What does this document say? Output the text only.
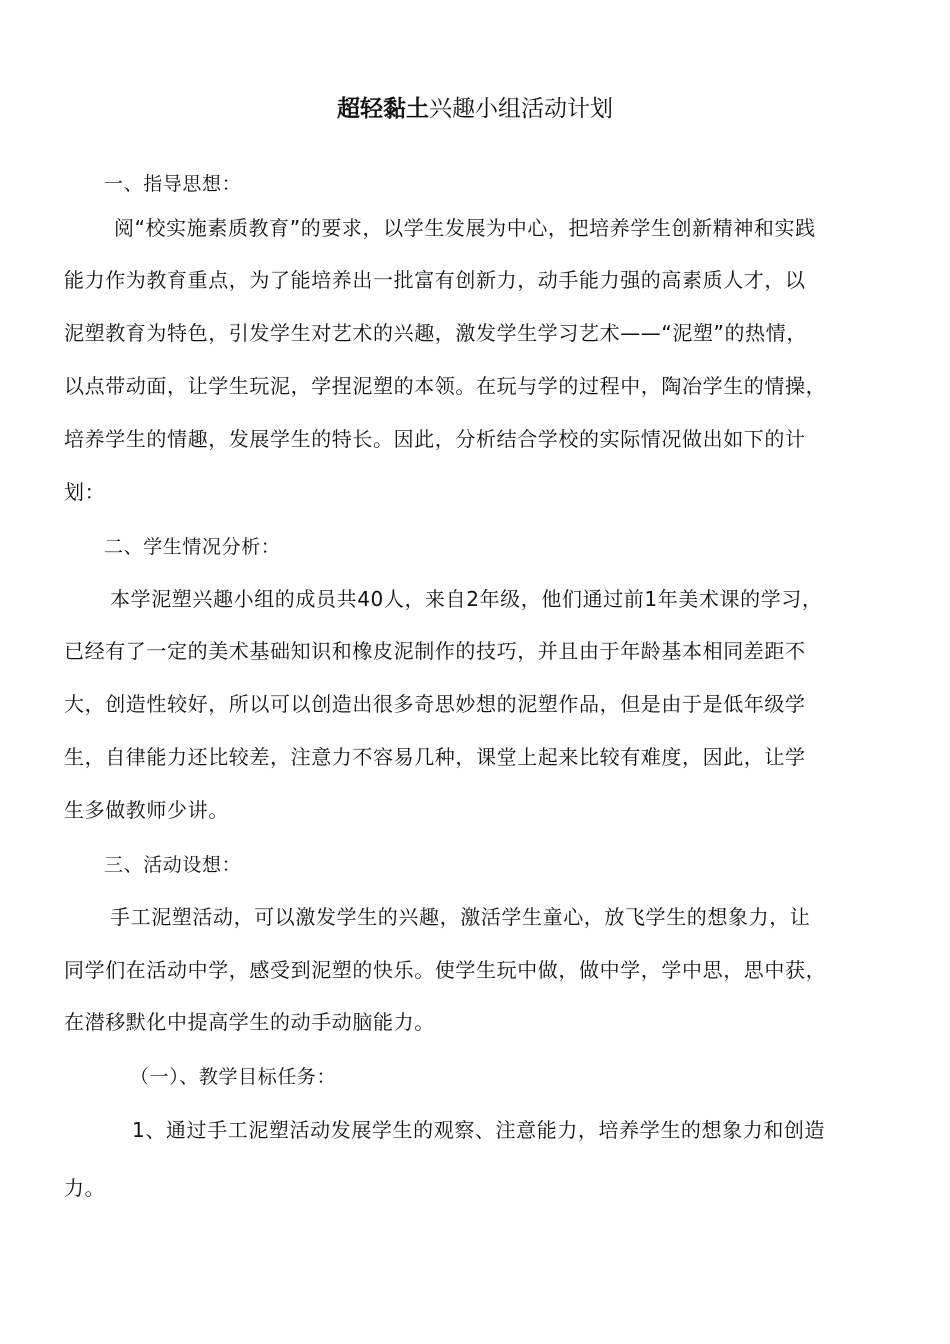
超轻黏土兴趣小组活动计划
一、指导思想：
阅“校实施素质教育”的要求，以学生发展为中心，把培养学生创新精神和实践
能力作为教育重点，为了能培养出一批富有创新力，动手能力强的高素质人才，以
泥塑教育为特色，引发学生对艺术的兴趣，激发学生学习艺术——“泥塑”的热情，
以点带动面，让学生玩泥，学捏泥塑的本领。在玩与学的过程中，陶冶学生的情操，
培养学生的情趣，发展学生的特长。因此，分析结合学校的实际情况做出如下的计
划：
二、学生情况分析：
本学泥塑兴趣小组的成员共40人，来自2年级，他们通过前1年美术课的学习，
已经有了一定的美术基础知识和橡皮泥制作的技巧，并且由于年龄基本相同差距不
大，创造性较好，所以可以创造出很多奇思妙想的泥塑作品，但是由于是低年级学
生，自律能力还比较差，注意力不容易几种，课堂上起来比较有难度，因此，让学
生多做教师少讲。
三、活动设想：
手工泥塑活动，可以激发学生的兴趣，激活学生童心，放飞学生的想象力，让
同学们在活动中学，感受到泥塑的快乐。使学生玩中做，做中学，学中思，思中获，
在潜移默化中提高学生的动手动脑能力。
（一）、教学目标任务：
1、通过手工泥塑活动发展学生的观察、注意能力，培养学生的想象力和创造
力。
